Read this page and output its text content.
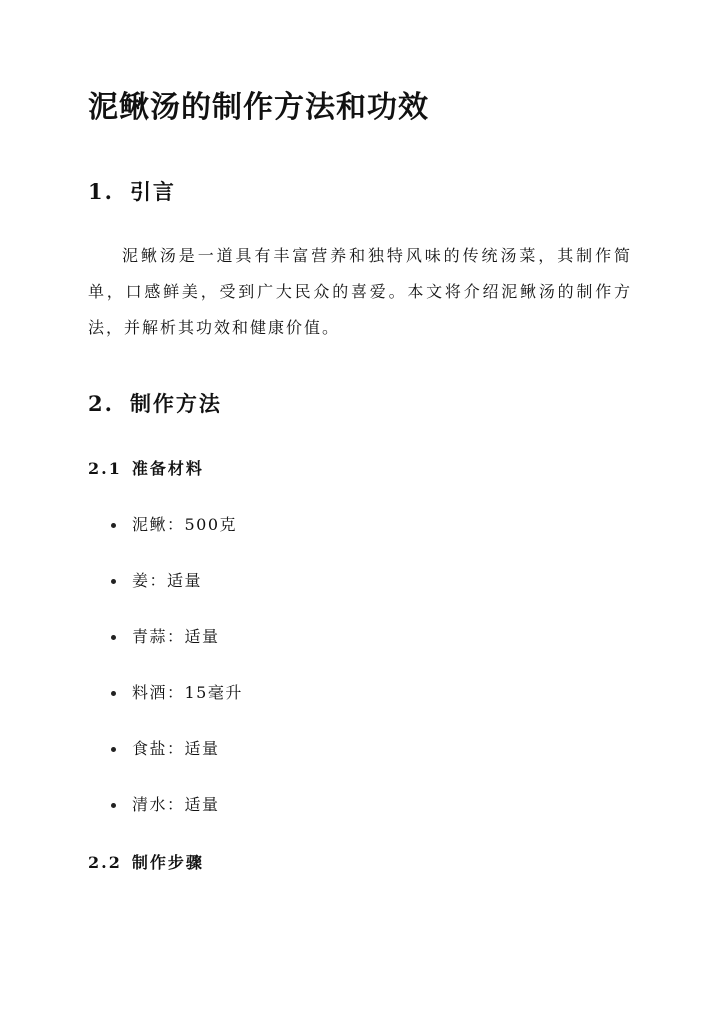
泥鳅汤的制作方法和功效
1. 引言

泥鳅汤是一道具有丰富营养和独特风味的传统汤菜，其制作简单，口感鲜美，受到广大民众的喜爱。本文将介绍泥鳅汤的制作方法，并解析其功效和健康价值。

2. 制作方法
2.1 准备材料
泥鳅：500克
姜：适量
青蒜：适量
料酒：15毫升
食盐：适量
清水：适量
2.2 制作步骤
